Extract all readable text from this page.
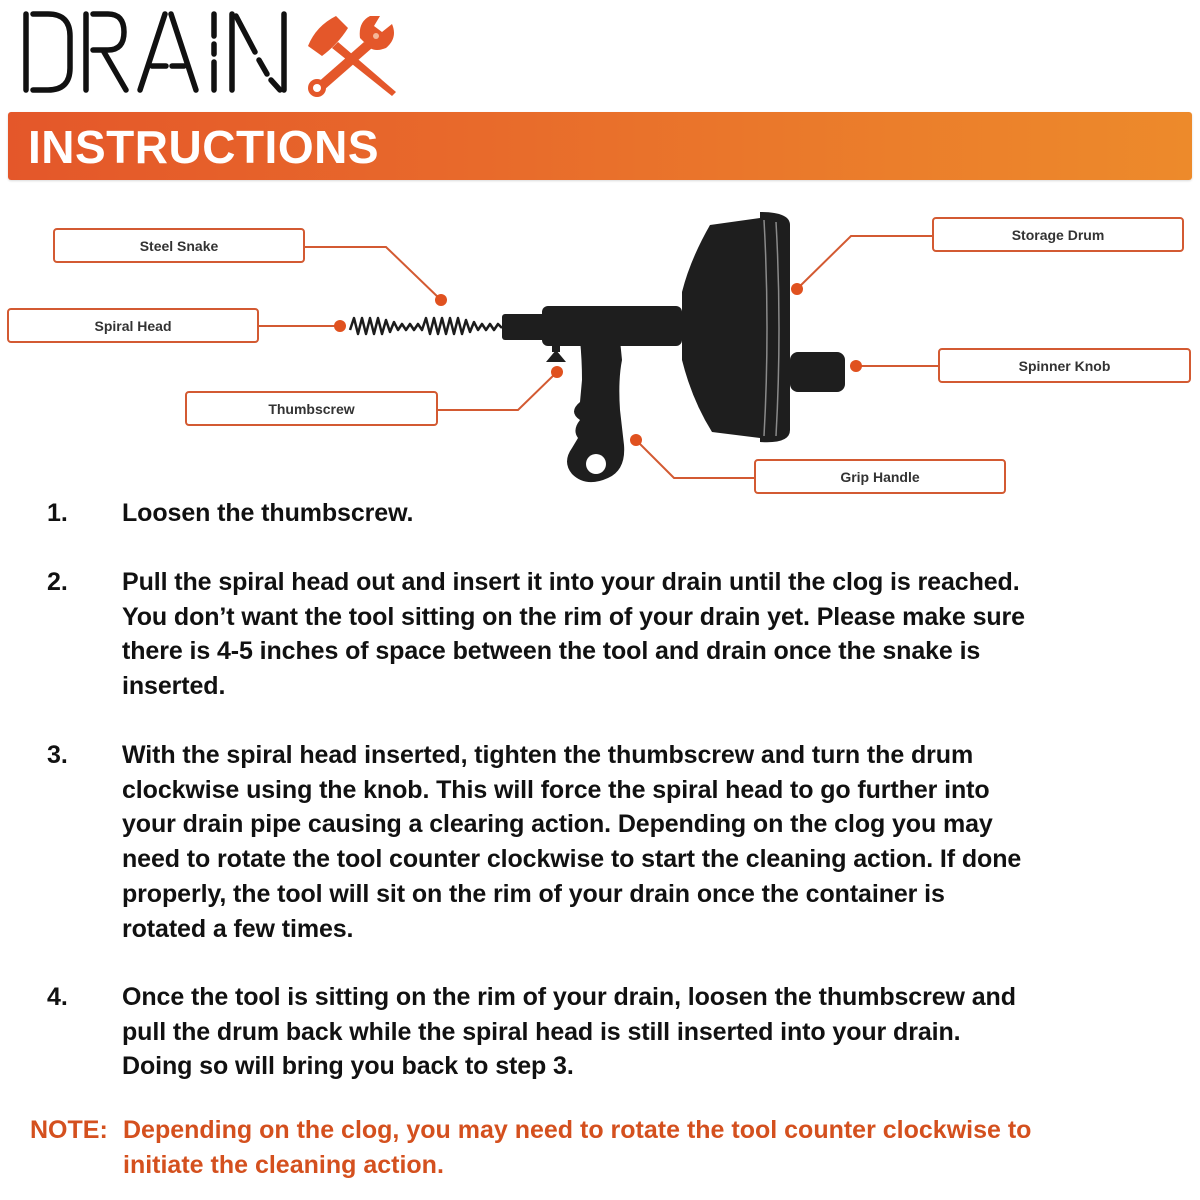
INSTRUCTIONS
Steel Snake
Spiral Head
Thumbscrew
Storage Drum
Spinner Knob
Grip Handle
1. Loosen the thumbscrew.
2. Pull the spiral head out and insert it into your drain until the clog is reached.
You don’t want the tool sitting on the rim of your drain yet. Please make sure
there is 4-5 inches of space between the tool and drain once the snake is
inserted.
3. With the spiral head inserted, tighten the thumbscrew and turn the drum
clockwise using the knob. This will force the spiral head to go further into
your drain pipe causing a clearing action. Depending on the clog you may
need to rotate the tool counter clockwise to start the cleaning action. If done
properly, the tool will sit on the rim of your drain once the container is
rotated a few times.
4. Once the tool is sitting on the rim of your drain, loosen the thumbscrew and
pull the drum back while the spiral head is still inserted into your drain.
Doing so will bring you back to step 3.
NOTE: Depending on the clog, you may need to rotate the tool counter clockwise to
initiate the cleaning action.
